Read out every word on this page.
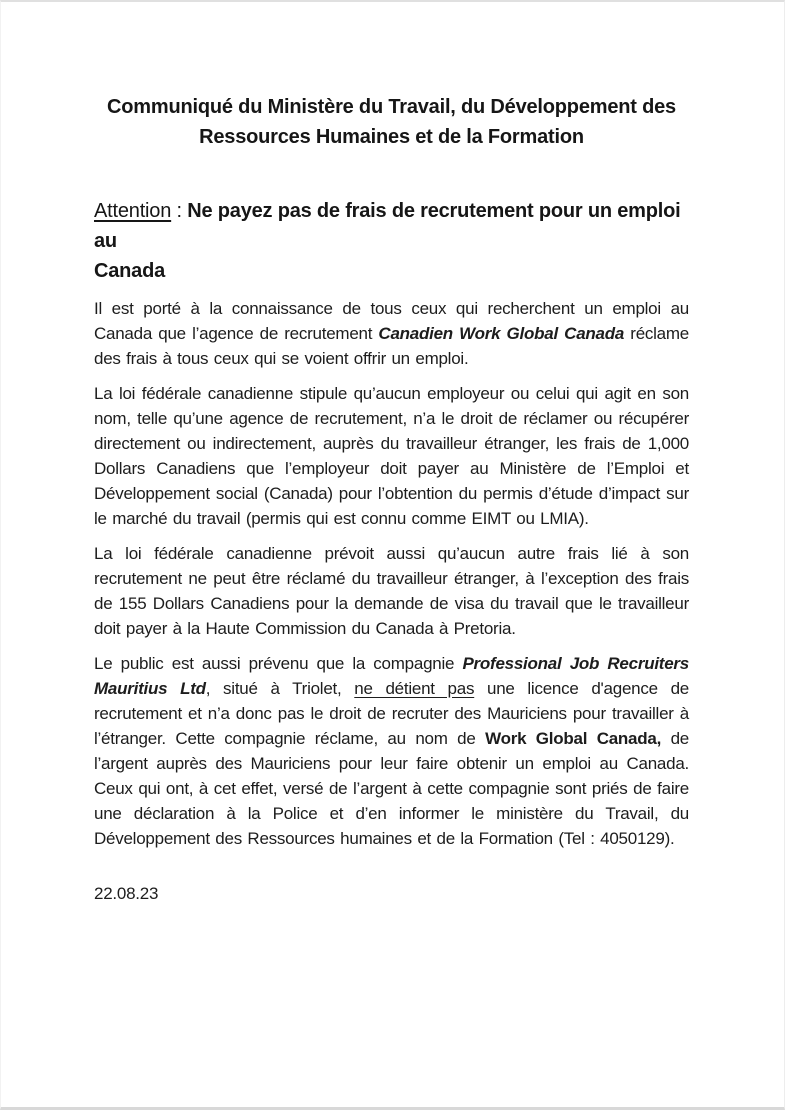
Communiqué du Ministère du Travail, du Développement des
Ressources Humaines et de la Formation
Attention : Ne payez pas de frais de recrutement pour un emploi au
Canada

Il est porté à la connaissance de tous ceux qui recherchent un emploi au Canada que l’agence de recrutement Canadien Work Global Canada réclame des frais à tous ceux qui se voient offrir un emploi.

La loi fédérale canadienne stipule qu’aucun employeur ou celui qui agit en son nom, telle qu’une agence de recrutement, n’a le droit de réclamer ou récupérer directement ou indirectement, auprès du travailleur étranger, les frais de 1,000 Dollars Canadiens que l’employeur doit payer au Ministère de l’Emploi et Développement social (Canada) pour l’obtention du permis d’étude d’impact sur le marché du travail (permis qui est connu comme EIMT ou LMIA).

La loi fédérale canadienne prévoit aussi qu’aucun autre frais lié à son recrutement ne peut être réclamé du travailleur étranger, à l’exception des frais de 155 Dollars Canadiens pour la demande de visa du travail que le travailleur doit payer à la Haute Commission du Canada à Pretoria.

Le public est aussi prévenu que la compagnie Professional Job Recruiters Mauritius Ltd, situé à Triolet, ne détient pas une licence d'agence de recrutement et n’a donc pas le droit de recruter des Mauriciens pour travailler à l’étranger. Cette compagnie réclame, au nom de Work Global Canada, de l’argent auprès des Mauriciens pour leur faire obtenir un emploi au Canada. Ceux qui ont, à cet effet, versé de l’argent à cette compagnie sont priés de faire une déclaration à la Police et d’en informer le ministère du Travail, du Développement des Ressources humaines et de la Formation (Tel : 4050129).

22.08.23
